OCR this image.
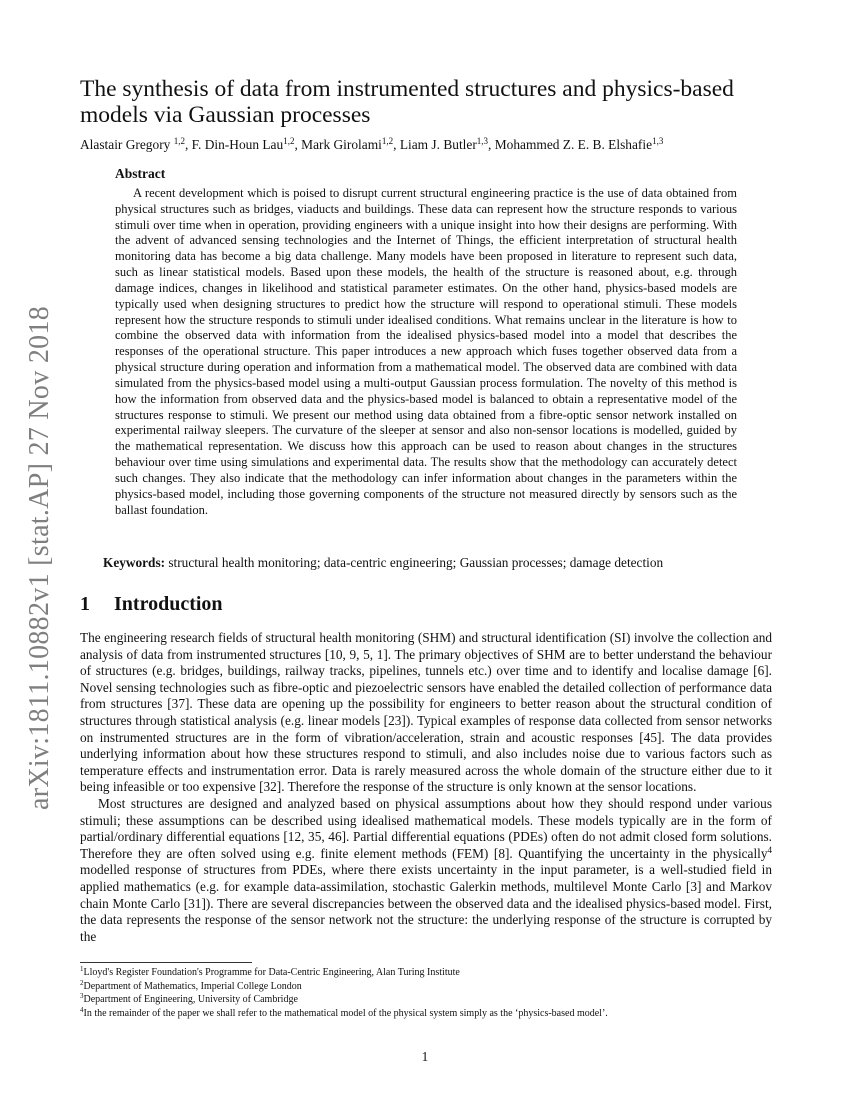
arXiv:1811.10882v1 [stat.AP] 27 Nov 2018
The synthesis of data from instrumented structures and physics-based models via Gaussian processes
Alastair Gregory $^{1,2}$, F. Din-Houn Lau$^{1,2}$, Mark Girolami$^{1,2}$, Liam J. Butler$^{1,3}$, Mohammed Z. E. B. Elshafie$^{1,3}$
Abstract

A recent development which is poised to disrupt current structural engineering practice is the use of data obtained from physical structures such as bridges, viaducts and buildings. These data can represent how the structure responds to various stimuli over time when in operation, providing engineers with a unique insight into how their designs are performing. With the advent of advanced sensing technologies and the Internet of Things, the efficient interpretation of structural health monitoring data has become a big data challenge. Many models have been proposed in literature to represent such data, such as linear statistical models. Based upon these models, the health of the structure is reasoned about, e.g. through damage indices, changes in likelihood and statistical parameter estimates. On the other hand, physics-based models are typically used when designing structures to predict how the structure will respond to operational stimuli. These models represent how the structure responds to stimuli under idealised conditions. What remains unclear in the literature is how to combine the observed data with information from the idealised physics-based model into a model that describes the responses of the operational structure. This paper introduces a new approach which fuses together observed data from a physical structure during operation and information from a mathematical model. The observed data are combined with data simulated from the physics-based model using a multi-output Gaussian process formulation. The novelty of this method is how the information from observed data and the physics-based model is balanced to obtain a representative model of the structures response to stimuli. We present our method using data obtained from a fibre-optic sensor network installed on experimental railway sleepers. The curvature of the sleeper at sensor and also non-sensor locations is modelled, guided by the mathematical representation. We discuss how this approach can be used to reason about changes in the structures behaviour over time using simulations and experimental data. The results show that the methodology can accurately detect such changes. They also indicate that the methodology can infer information about changes in the parameters within the physics-based model, including those governing components of the structure not measured directly by sensors such as the ballast foundation.

Keywords: structural health monitoring; data-centric engineering; Gaussian processes; damage detection
1 Introduction

The engineering research fields of structural health monitoring (SHM) and structural identification (SI) involve the collection and analysis of data from instrumented structures [10, 9, 5, 1]. The primary objectives of SHM are to better understand the behaviour of structures (e.g. bridges, buildings, railway tracks, pipelines, tunnels etc.) over time and to identify and localise damage [6]. Novel sensing technologies such as fibre-optic and piezoelectric sensors have enabled the detailed collection of performance data from structures [37]. These data are opening up the possibility for engineers to better reason about the structural condition of structures through statistical analysis (e.g. linear models [23]). Typical examples of response data collected from sensor networks on instrumented structures are in the form of vibration/acceleration, strain and acoustic responses [45]. The data provides underlying information about how these structures respond to stimuli, and also includes noise due to various factors such as temperature effects and instrumentation error. Data is rarely measured across the whole domain of the structure either due to it being infeasible or too expensive [32]. Therefore the response of the structure is only known at the sensor locations.

Most structures are designed and analyzed based on physical assumptions about how they should respond under various stimuli; these assumptions can be described using idealised mathematical models. These models typically are in the form of partial/ordinary differential equations [12, 35, 46]. Partial differential equations (PDEs) often do not admit closed form solutions. Therefore they are often solved using e.g. finite element methods (FEM) [8]. Quantifying the uncertainty in the physically$^4$ modelled response of structures from PDEs, where there exists uncertainty in the input parameter, is a well-studied field in applied mathematics (e.g. for example data-assimilation, stochastic Galerkin methods, multilevel Monte Carlo [3] and Markov chain Monte Carlo [31]). There are several discrepancies between the observed data and the idealised physics-based model. First, the data represents the response of the sensor network not the structure: the underlying response of the structure is corrupted by the

$^1$Lloyd's Register Foundation's Programme for Data-Centric Engineering, Alan Turing Institute
$^2$Department of Mathematics, Imperial College London
$^3$Department of Engineering, University of Cambridge
$^4$In the remainder of the paper we shall refer to the mathematical model of the physical system simply as the ‘physics-based model’.
1
